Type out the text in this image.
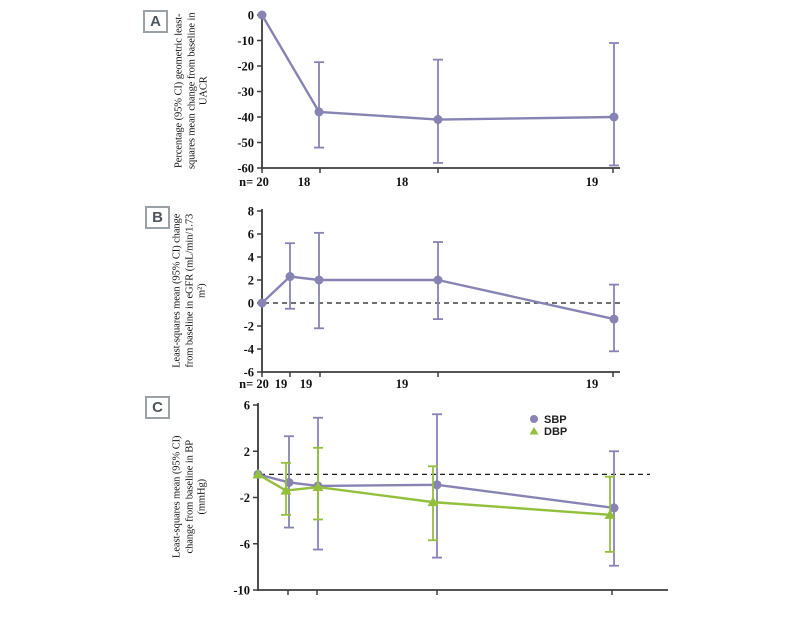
0
-10
-20
-30
-40
-50
-60
n= 20 18	18	19
8
6
4
2
0
-2
-4
-6
n= 20 19 19	19	19
6
2
-2
-6
-10
SBP
DBP
A
B
C
Percentage (95% CI) geometric least- squares mean change from baseline in UACR
Least-squares mean (95% CI) change from baseline in eGFR (mL/min/1.73 m²)
Least-squares mean (95% CI) change from baseline in BP (mmHg)
